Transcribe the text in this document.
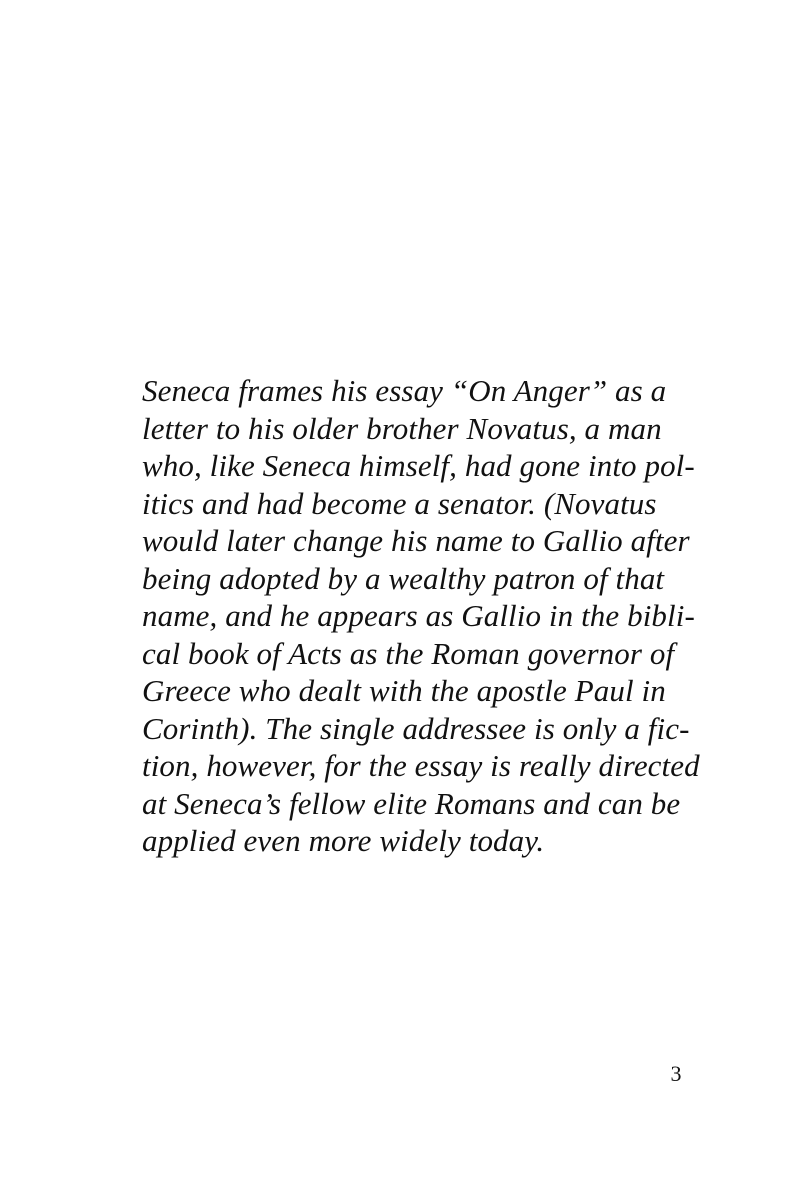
Seneca frames his essay “On Anger” as a
letter to his older brother Novatus, a man
who, like Seneca himself, had gone into pol-
itics and had become a senator. (Novatus
would later change his name to Gallio after
being adopted by a wealthy patron of that
name, and he appears as Gallio in the bibli-
cal book of Acts as the Roman governor of
Greece who dealt with the apostle Paul in
Corinth). The single addressee is only a fic-
tion, however, for the essay is really directed
at Seneca’s fellow elite Romans and can be
applied even more widely today.

3
